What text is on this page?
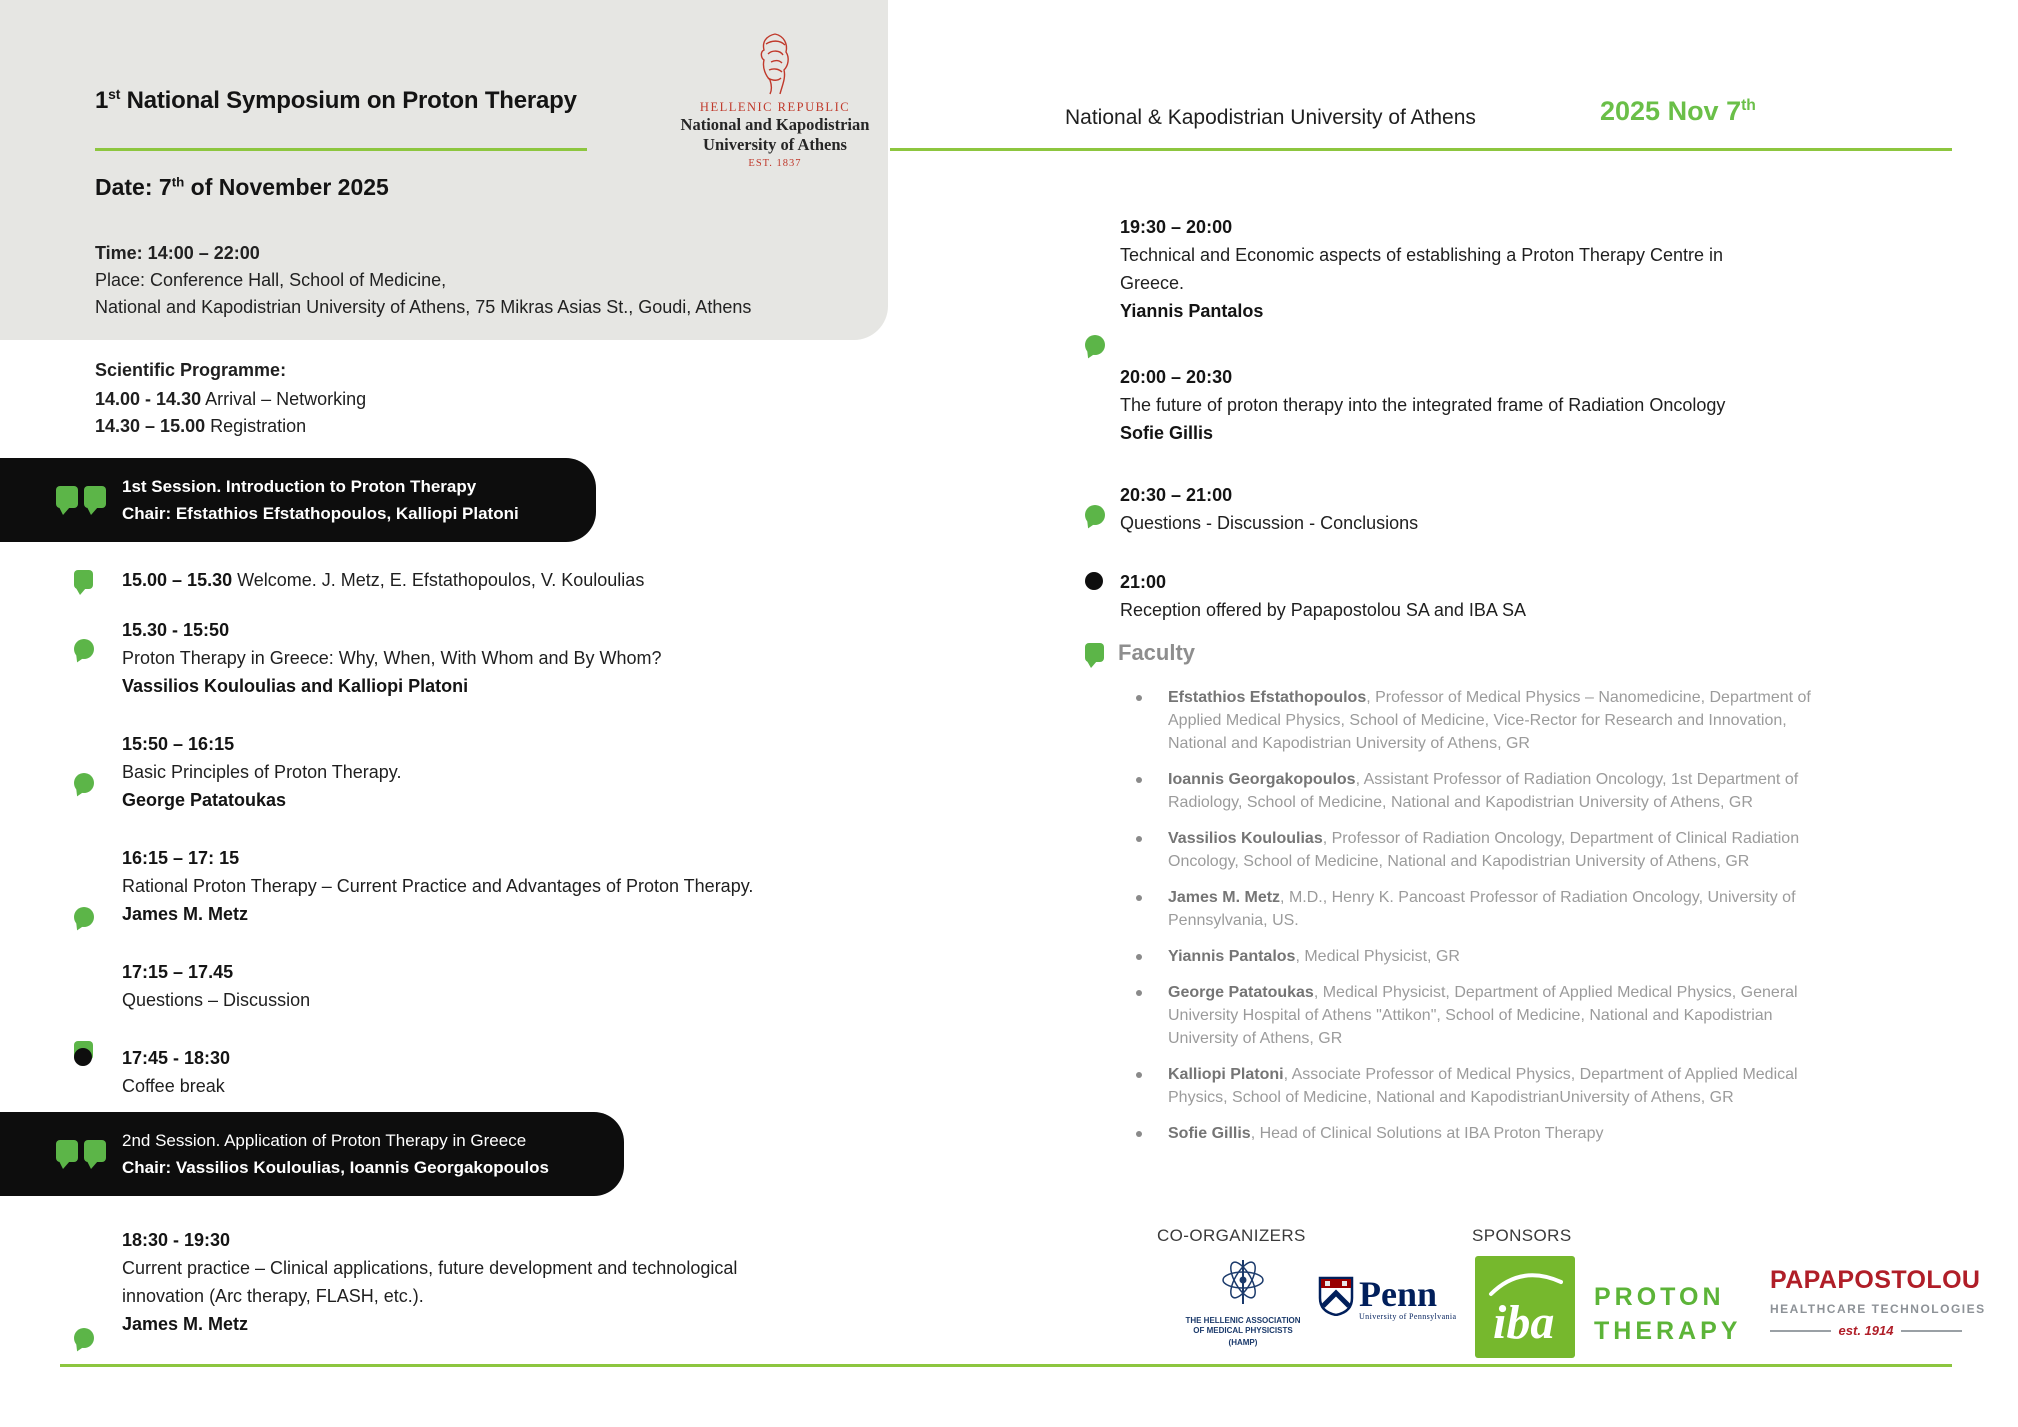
1st National Symposium on Proton Therapy
Date: 7th of November 2025
Time: 14:00 – 22:00
Place: Conference Hall, School of Medicine,
National and Kapodistrian University of Athens, 75 Mikras Asias St., Goudi, Athens
HELLENIC REPUBLIC
National and Kapodistrian
University of Athens
EST. 1837
National & Kapodistrian University of Athens	2025 Nov 7th
Scientific Programme:
14.00 - 14.30 Arrival – Networking
14.30 – 15.00 Registration
1st Session. Introduction to Proton Therapy
Chair: Efstathios Efstathopoulos, Kalliopi Platoni
15.00 – 15.30 Welcome. J. Metz, E. Efstathopoulos, V. Kouloulias
15.30 - 15:50
Proton Therapy in Greece: Why, When, With Whom and By Whom?
Vassilios Kouloulias and Kalliopi Platoni
15:50 – 16:15
Basic Principles of Proton Therapy.
George Patatoukas
16:15 – 17: 15
Rational Proton Therapy – Current Practice and Advantages of Proton Therapy.
James M. Metz
17:15 – 17.45
Questions – Discussion
17:45 - 18:30
Coffee break
2nd Session. Application of Proton Therapy in Greece
Chair: Vassilios Kouloulias, Ioannis Georgakopoulos
18:30 - 19:30
Current practice – Clinical applications, future development and technological innovation (Arc therapy, FLASH, etc.).
James M. Metz
19:30 – 20:00
Technical and Economic aspects of establishing a Proton Therapy Centre in Greece.
Yiannis Pantalos
20:00 – 20:30
The future of proton therapy into the integrated frame of Radiation Oncology
Sofie Gillis
20:30 – 21:00
Questions - Discussion - Conclusions
21:00
Reception offered by Papapostolou SA and IBA SA
Faculty
Efstathios Efstathopoulos, Professor of Medical Physics – Nanomedicine, Department of Applied Medical Physics, School of Medicine, Vice-Rector for Research and Innovation, National and Kapodistrian University of Athens, GR
Ioannis Georgakopoulos, Assistant Professor of Radiation Oncology, 1st Department of Radiology, School of Medicine, National and Kapodistrian University of Athens, GR
Vassilios Kouloulias, Professor of Radiation Oncology, Department of Clinical Radiation Oncology, School of Medicine, National and Kapodistrian University of Athens, GR
James M. Metz, M.D., Henry K. Pancoast Professor of Radiation Oncology, University of Pennsylvania, US.
Yiannis Pantalos, Medical Physicist, GR
George Patatoukas, Medical Physicist, Department of Applied Medical Physics, General University Hospital of Athens "Attikon", School of Medicine, National and Kapodistrian University of Athens, GR
Kalliopi Platoni, Associate Professor of Medical Physics, Department of Applied Medical Physics, School of Medicine, National and KapodistrianUniversity of Athens, GR
Sofie Gillis, Head of Clinical Solutions at IBA Proton Therapy
CO-ORGANIZERS	SPONSORS
THE HELLENIC ASSOCIATION
OF MEDICAL PHYSICISTS
(HAMP)
Penn
University of Pennsylvania iba PROTON
THERAPY
PAPAPOSTOLOU
HEALTHCARE TECHNOLOGIES
est. 1914
